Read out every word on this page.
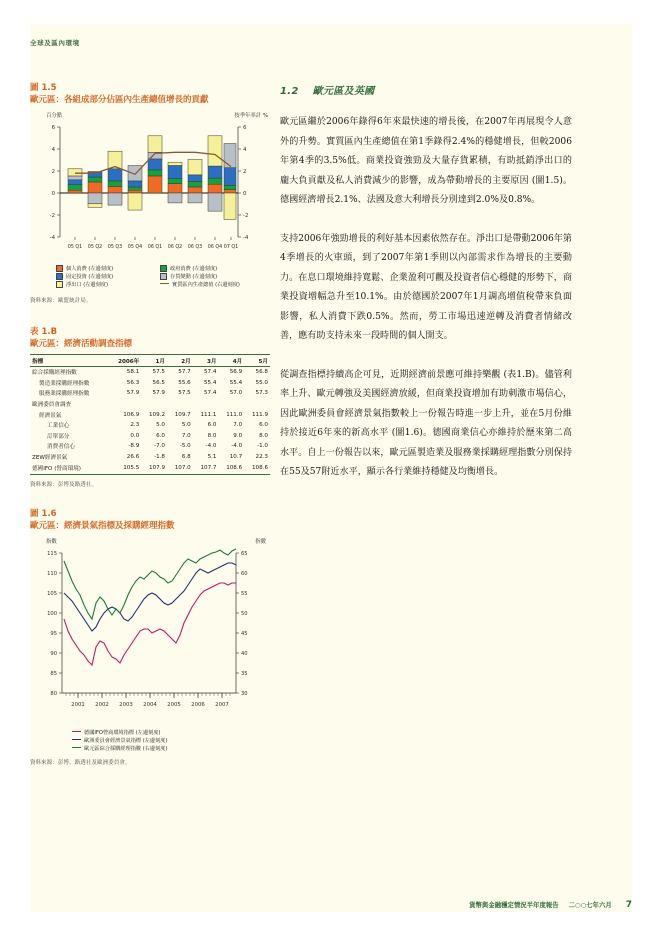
全球及區內環境
圖 1.5
歐元區：各組成部分佔區內生產總值增長的貢獻
百分點	按季年率計 %
6
4
2
0
-2
-4
6
4
2
0
-2
-4
05 Q1 05 Q2 05 Q3 05 Q4 06 Q1 06 Q2 06 Q3 06 Q4 07 Q1
個人消費 (左邊刻度)	政府消費 (左邊刻度)
固定投資 (左邊刻度)	存貨變動 (左邊刻度)
淨出口 (左邊刻度)	實質區內生產總值 (右邊刻度)
資料來源：歐盟統計局。
表 1.B
歐元區：經濟活動調查指標
指標	2006年	1月	2月	3月	4月	5月
綜合採購經理指數	58.1	57.5	57.7	57.4	56.9	56.8
製造業採購經理指數	56.3	56.5	55.6	55.4	55.4	55.0
服務業採購經理指數	57.9	57.9	57.5	57.4	57.0	57.3
歐洲委員會調查						
經濟景氣	106.9	109.2	109.7	111.1	111.0	111.9
工業信心	2.3	5.0	5.0	6.0	7.0	6.0
訂單部分	0.0	6.0	7.0	8.0	9.0	8.0
消費者信心	-8.9	-7.0	-5.0	-4.0	-4.0	-1.0
ZEW經濟景氣	26.6	-1.8	6.8	5.1	10.7	22.3
德國IFO (營商環境)	105.5	107.9	107.0	107.7	108.6	108.6
資料來源：彭博及路透社。
圖 1.6
歐元區：經濟景氣指標及採購經理指數
指數	指數
115
110
105
100
95
90
85
80
65
60
55
50
45
40
35
30
2001 2002 2003 2004 2005 2006 2007
德國IFO營商環境指標 (左邊刻度)
歐洲委員會經濟景氣指標 (左邊刻度)
歐元區綜合採購經理指數 (右邊刻度)
資料來源：彭博、路透社及歐洲委員會。
1.2 歐元區及英國

歐元區繼於2006年錄得6年來最快速的增長後，在2007年再展現令人意外的升勢。實質區內生產總值在第1季錄得2.4%的穩健增長，但較2006年第4季的3.5%低。商業投資強勁及大量存貨累積，有助抵銷淨出口的龐大負貢獻及私人消費減少的影響，成為帶動增長的主要原因 (圖1.5)。德國經濟增長2.1%、法國及意大利增長分別達到2.0%及0.8%。

支持2006年強勁增長的利好基本因素依然存在。淨出口是帶動2006年第4季增長的火車頭，到了2007年第1季則以內部需求作為增長的主要動力。在息口環境維持寬鬆、企業盈利可觀及投資者信心穩健的形勢下，商業投資增幅急升至10.1%。由於德國於2007年1月調高增值稅帶來負面影響，私人消費下跌0.5%。然而，勞工市場迅速逆轉及消費者情緒改善，應有助支持未來一段時間的個人開支。

從調查指標持續高企可見，近期經濟前景應可維持樂觀 (表1.B)。儘管利率上升、歐元轉強及美國經濟放緩，但商業投資增加有助刺激市場信心，因此歐洲委員會經濟景氣指數較上一份報告時進一步上升，並在5月份維持於接近6年來的新高水平 (圖1.6)。德國商業信心亦維持於歷來第二高水平。自上一份報告以來，歐元區製造業及服務業採購經理指數分別保持在55及57附近水平，顯示各行業維持穩健及均衡增長。

貨幣與金融穩定情況半年度報告 二○○七年六月 7
